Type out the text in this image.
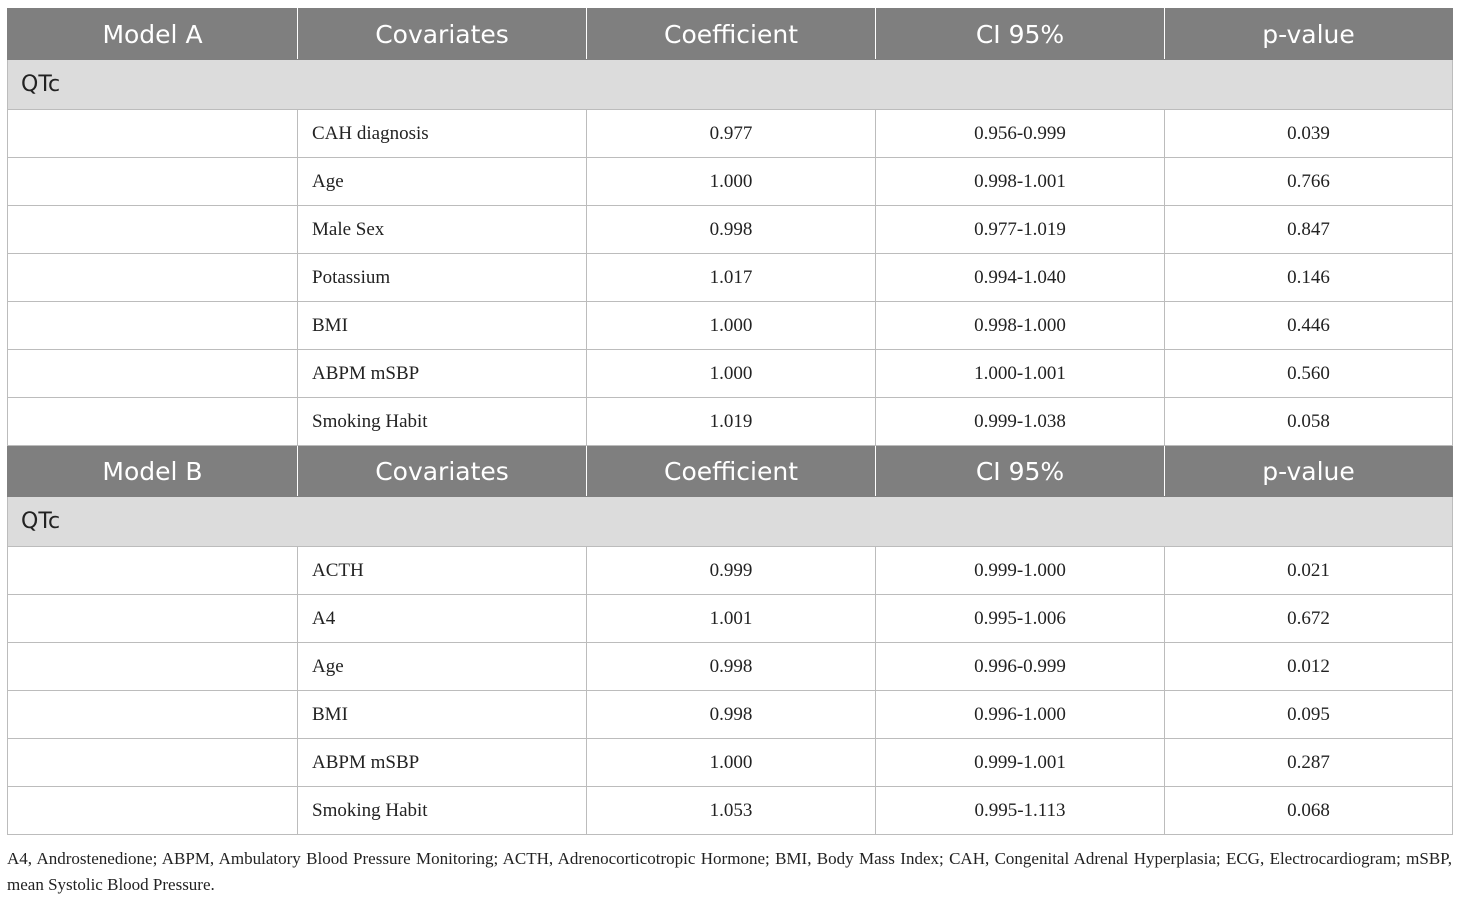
Model A	Covariates	Coefficient	CI 95%	p-value
QTc				
	CAH diagnosis	0.977	0.956-0.999	0.039
	Age	1.000	0.998-1.001	0.766
	Male Sex	0.998	0.977-1.019	0.847
	Potassium	1.017	0.994-1.040	0.146
	BMI	1.000	0.998-1.000	0.446
	ABPM mSBP	1.000	1.000-1.001	0.560
	Smoking Habit	1.019	0.999-1.038	0.058
Model B	Covariates	Coefficient	CI 95%	p-value
QTc				
	ACTH	0.999	0.999-1.000	0.021
	A4	1.001	0.995-1.006	0.672
	Age	0.998	0.996-0.999	0.012
	BMI	0.998	0.996-1.000	0.095
	ABPM mSBP	1.000	0.999-1.001	0.287
	Smoking Habit	1.053	0.995-1.113	0.068
A4, Androstenedione; ABPM, Ambulatory Blood Pressure Monitoring; ACTH, Adrenocorticotropic Hormone; BMI, Body Mass Index; CAH, Congenital Adrenal Hyperplasia; ECG, Electrocardiogram; mSBP, mean Systolic Blood Pressure.
